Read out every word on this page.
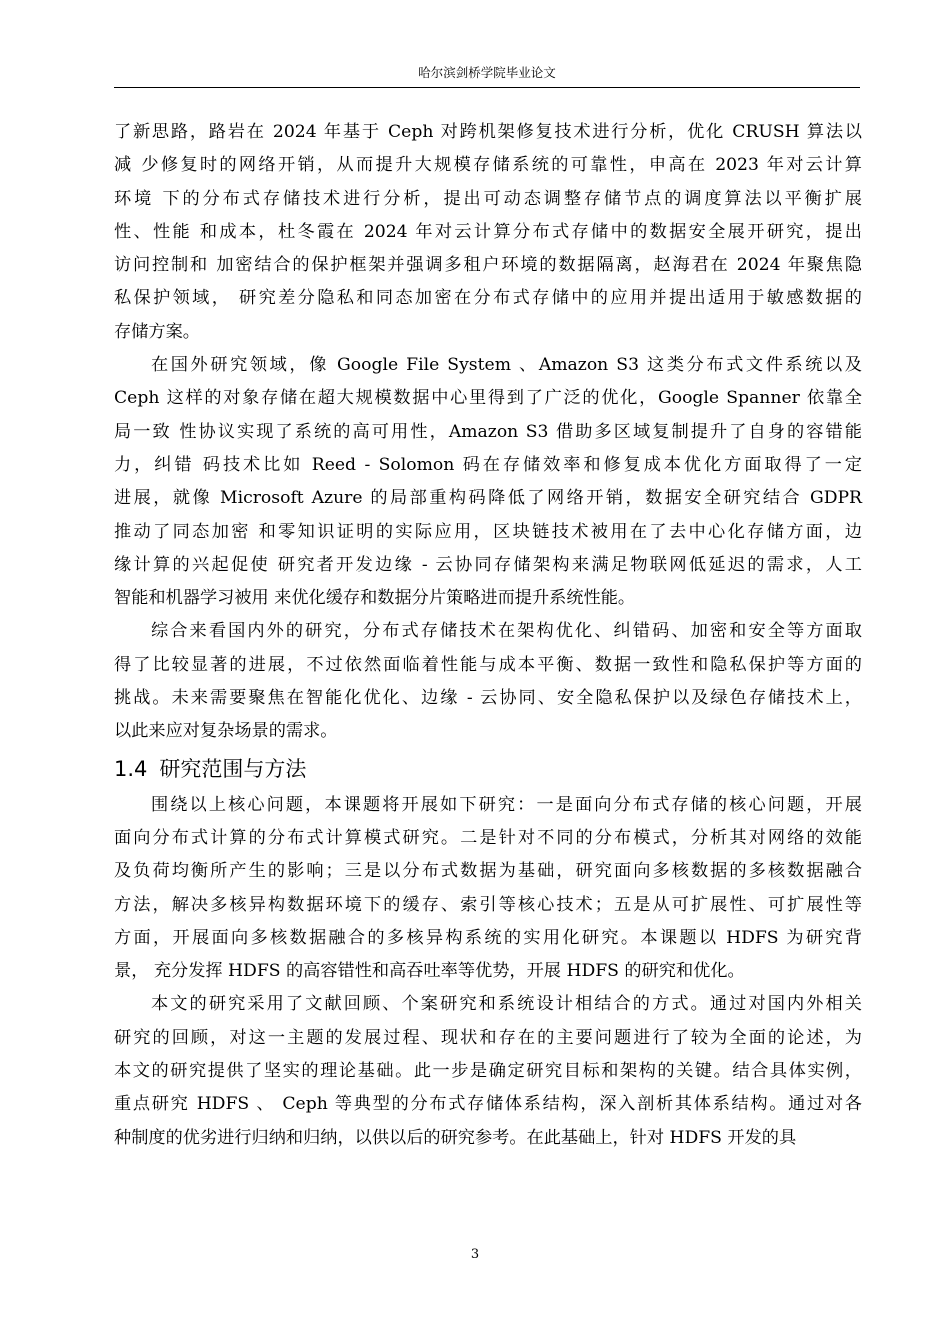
哈尔滨剑桥学院毕业论文
了新思路，路岩在 2024 年基于 Ceph 对跨机架修复技术进行分析，优化 CRUSH 算法以
减 少修复时的网络开销，从而提升大规模存储系统的可靠性，申高在 2023 年对云计算
环境 下的分布式存储技术进行分析，提出可动态调整存储节点的调度算法以平衡扩展
性、性能 和成本，杜冬霞在 2024 年对云计算分布式存储中的数据安全展开研究，提出
访问控制和 加密结合的保护框架并强调多租户环境的数据隔离，赵海君在 2024 年聚焦隐
私保护领域， 研究差分隐私和同态加密在分布式存储中的应用并提出适用于敏感数据的
存储方案。
在国外研究领域，像 Google File System 、Amazon S3 这类分布式文件系统以及
Ceph 这样的对象存储在超大规模数据中心里得到了广泛的优化，Google Spanner 依靠全
局一致 性协议实现了系统的高可用性，Amazon S3 借助多区域复制提升了自身的容错能
力，纠错 码技术比如 Reed - Solomon 码在存储效率和修复成本优化方面取得了一定
进展，就像 Microsoft Azure 的局部重构码降低了网络开销，数据安全研究结合 GDPR
推动了同态加密 和零知识证明的实际应用，区块链技术被用在了去中心化存储方面，边
缘计算的兴起促使 研究者开发边缘 - 云协同存储架构来满足物联网低延迟的需求，人工
智能和机器学习被用 来优化缓存和数据分片策略进而提升系统性能。
综合来看国内外的研究，分布式存储技术在架构优化、纠错码、加密和安全等方面取
得了比较显著的进展，不过依然面临着性能与成本平衡、数据一致性和隐私保护等方面的
挑战。未来需要聚焦在智能化优化、边缘 - 云协同、安全隐私保护以及绿色存储技术上，
以此来应对复杂场景的需求。
1.4 研究范围与方法
围绕以上核心问题，本课题将开展如下研究：一是面向分布式存储的核心问题，开展
面向分布式计算的分布式计算模式研究。二是针对不同的分布模式，分析其对网络的效能
及负荷均衡所产生的影响；三是以分布式数据为基础，研究面向多核数据的多核数据融合
方法，解决多核异构数据环境下的缓存、索引等核心技术；五是从可扩展性、可扩展性等
方面，开展面向多核数据融合的多核异构系统的实用化研究。本课题以 HDFS 为研究背
景， 充分发挥 HDFS 的高容错性和高吞吐率等优势，开展 HDFS 的研究和优化。
本文的研究采用了文献回顾、个案研究和系统设计相结合的方式。通过对国内外相关
研究的回顾，对这一主题的发展过程、现状和存在的主要问题进行了较为全面的论述，为
本文的研究提供了坚实的理论基础。此一步是确定研究目标和架构的关键。结合具体实例，
重点研究 HDFS 、 Ceph 等典型的分布式存储体系结构，深入剖析其体系结构。通过对各
种制度的优劣进行归纳和归纳，以供以后的研究参考。在此基础上，针对 HDFS 开发的具
3
